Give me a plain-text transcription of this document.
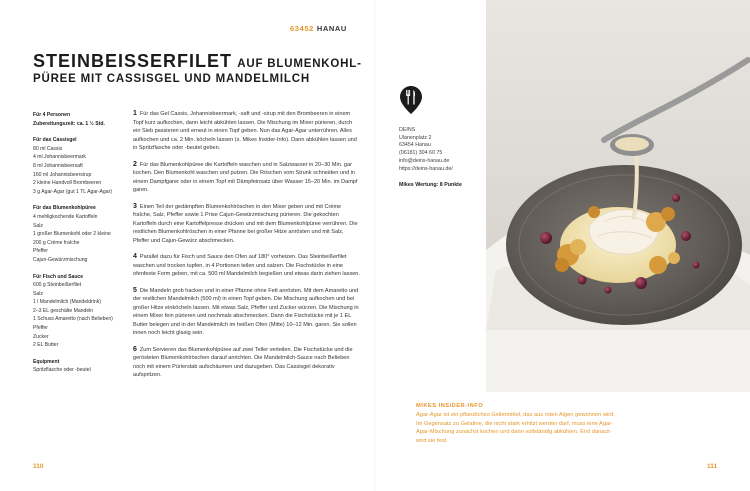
63452 HANAU
STEINBEISSERFILET AUF BLUMENKOHL-
PÜREE MIT CASSISGEL UND MANDELMILCH
Für 4 Personen
Zubereitungszeit: ca. 1 ½ Std.
Für das Cassisgel
80 ml Cassis
4 ml Johannisbeermark
8 ml Johannisbeersaft
160 ml Johannisbeersirup
2 kleine Handvoll Brombeeren
3 g Agar-Agar (gut 1 TL Agar-Agar)
Für das Blumenkohlpüree
4 mehligkochende Kartoffeln
Salz
1 großer Blumenkohl oder 2 kleine
200 g Crème fraîche
Pfeffer
Cajun-Gewürzmischung
Für Fisch und Sauce
600 g Steinbeißerfilet
Salz
1 l Mandelmilch (Mandeldrink)
2–3 EL geschälte Mandeln
1 Schuss Amaretto (nach Belieben)
Pfeffer
Zucker
2 EL Butter
Equipment
Spritzflasche oder -beutel

1 Für das Gel Cassis, Johannisbeermark, -saft und -sirup mit den Brombeeren in einem Topf kurz aufkochen, dann leicht abkühlen lassen. Die Mischung im Mixer pürieren, durch ein Sieb passieren und erneut in einen Topf geben. Nun das Agar-Agar unterrühren. Alles aufkochen und ca. 2 Min. köcheln lassen (s. Mikes Insider-Info). Dann abkühlen lassen und in Spritzflasche oder -beutel geben.

2 Für das Blumenkohlpüree die Kartoffeln waschen und in Salzwasser in 20–30 Min. gar kochen. Den Blumenkohl waschen und putzen. Die Röschen vom Strunk schneiden und in einem Dampfgarer oder in einem Topf mit Dämpfeinsatz über Wasser 15–20 Min. im Dampf garen.

3 Einen Teil der gedämpften Blumenkohlröschen in den Mixer geben und mit Crème fraîche, Salz, Pfeffer sowie 1 Prise Cajun-Gewürzmischung pürieren. Die gekochten Kartoffeln durch eine Kartoffelpresse drücken und mit dem Blumenkohlpüree verrühren. Die restlichen Blumenkohlröschen in einer Pfanne bei großer Hitze anrösten und mit Salz, Pfeffer und Cajun-Gewürz abschmecken.

4 Parallel dazu für Fisch und Sauce den Ofen auf 180° vorheizen. Das Steinbeißerfilet waschen und trocken tupfen, in 4 Portionen teilen und salzen. Die Fischstücke in eine ofenfeste Form geben, mit ca. 500 ml Mandelmilch begießen und etwas darin ziehen lassen.

5 Die Mandeln grob hacken und in einer Pfanne ohne Fett anrösten. Mit dem Amaretto und der restlichen Mandelmilch (500 ml) in einen Topf geben. Die Mischung aufkochen und bei großer Hitze einköcheln lassen. Mit etwas Salz, Pfeffer und Zucker würzen. Die Mischung in einem Mixer fein pürieren und nochmals abschmecken. Dann die Fischstücke mit je 1 EL Butter belegen und in der Mandelmilch im heißen Ofen (Mitte) 10–12 Min. garen. Sie sollen innen noch leicht glasig sein.

6 Zum Servieren das Blumenkohlpüree auf zwei Teller verteilen. Die Fischstücke und die gerösteten Blumenkohlröschen darauf anrichten. Die Mandelmilch-Sauce nach Belieben noch mit einem Pürierstab aufschäumen und dazugeben. Das Cassisgel dekorativ aufspritzen.

110
DEINS
Ulanenplatz 2
63454 Hanau
(06181) 304 60 75
info@deins-hanau.de
https://deins-hanau.de/
Mikes Wertung: 8 Punkte
MIKES INSIDER-INFO
Agar-Agar ist ein pflanzliches Geliermittel, das aus roten Algen gewonnen wird. Im Gegensatz zu Gelatine, die nicht stark erhitzt werden darf, muss eine Agar-Agar-Mischung zunächst kochen und dann vollständig abkühlen. Erst danach wird sie fest.
111
